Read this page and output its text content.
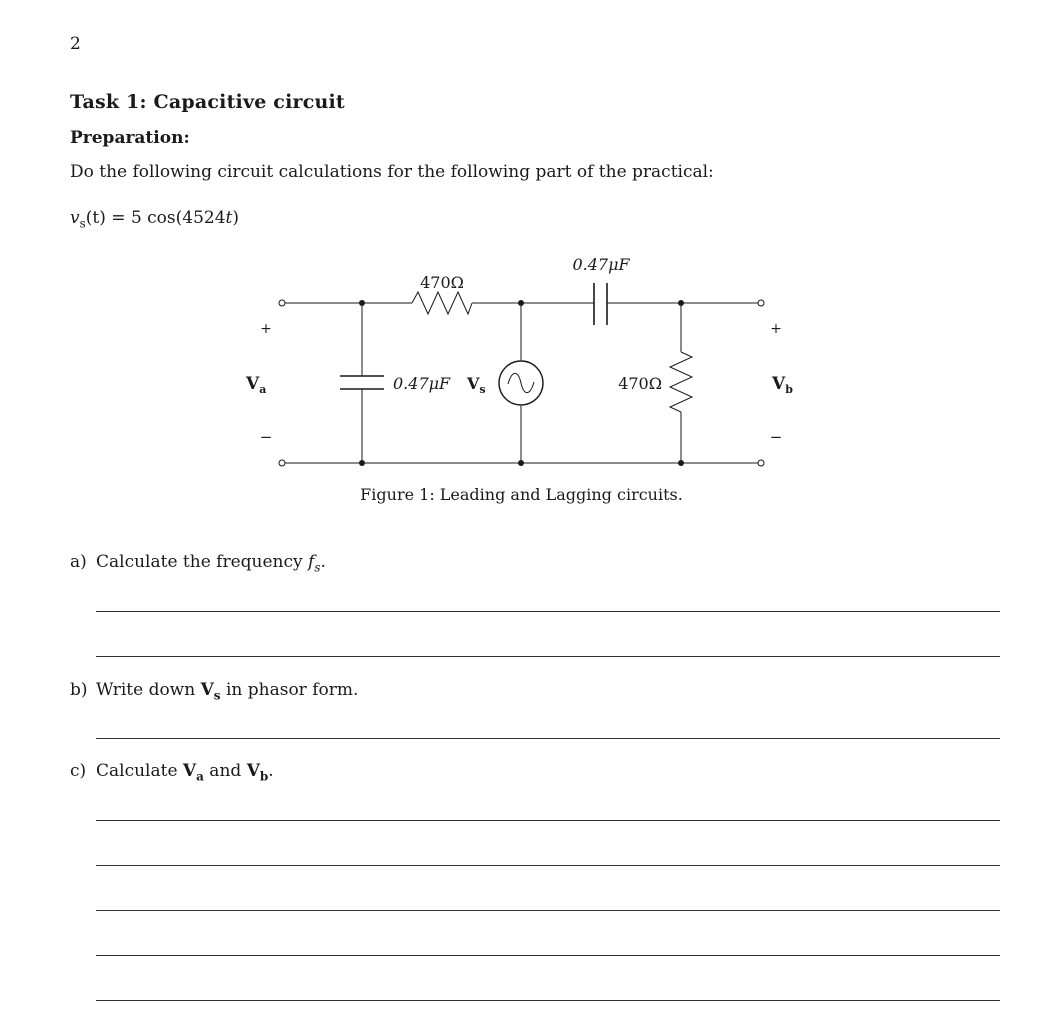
2
Task 1: Capacitive circuit
Preparation:
Do the following circuit calculations for the following part of the practical:
$v_s(t) = 5$ cos(4524t)
470Ω
0.47μF
0.47μF $V_s$	470Ω
+
−
$V_a$
+
−
$V_b$
Figure 1: Leading and Lagging circuits.
a) Calculate the frequency $f_s$.
b) Write down $V_s$ in phasor form.
c) Calculate $V_a$ and $V_b$.
